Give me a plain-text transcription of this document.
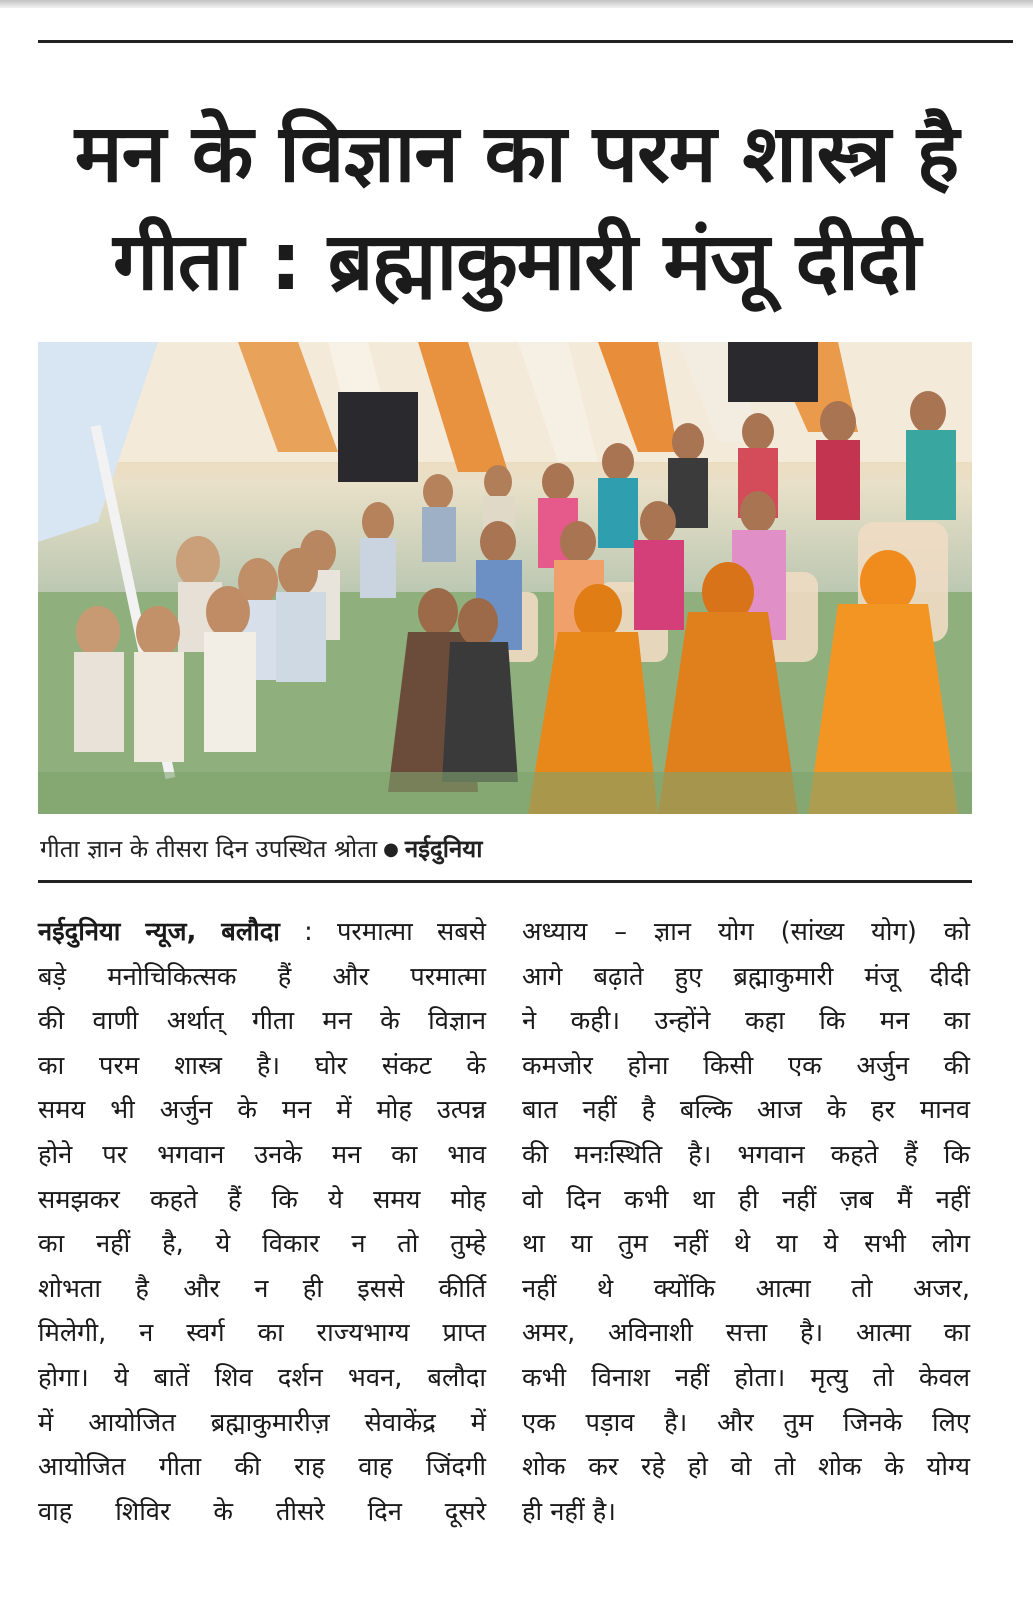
मन के विज्ञान का परम शास्त्र है
गीता : ब्रह्माकुमारी मंजू दीदी
गीता ज्ञान के तीसरा दिन उपस्थित श्रोता ● नईदुनिया
नईदुनिया न्यूज, बलौदा : परमात्मा सबसे
बड़े मनोचिकित्सक हैं और परमात्मा
की वाणी अर्थात् गीता मन के विज्ञान
का परम शास्त्र है। घोर संकट के
समय भी अर्जुन के मन में मोह उत्पन्न
होने पर भगवान उनके मन का भाव
समझकर कहते हैं कि ये समय मोह
का नहीं है, ये विकार न तो तुम्हे
शोभता है और न ही इससे कीर्ति
मिलेगी, न स्वर्ग का राज्यभाग्य प्राप्त
होगा। ये बातें शिव दर्शन भवन, बलौदा
में आयोजित ब्रह्माकुमारीज़ सेवाकेंद्र में
आयोजित गीता की राह वाह जिंदगी
वाह शिविर के तीसरे दिन दूसरे
अध्याय – ज्ञान योग (सांख्य योग) को
आगे बढ़ाते हुए ब्रह्माकुमारी मंजू दीदी
ने कही। उन्होंने कहा कि मन का
कमजोर होना किसी एक अर्जुन की
बात नहीं है बल्कि आज के हर मानव
की मनःस्थिति है। भगवान कहते हैं कि
वो दिन कभी था ही नहीं ज़ब मैं नहीं
था या तुम नहीं थे या ये सभी लोग
नहीं थे क्योंकि आत्मा तो अजर,
अमर, अविनाशी सत्ता है। आत्मा का
कभी विनाश नहीं होता। मृत्यु तो केवल
एक पड़ाव है। और तुम जिनके लिए
शोक कर रहे हो वो तो शोक के योग्य
ही नहीं है।
